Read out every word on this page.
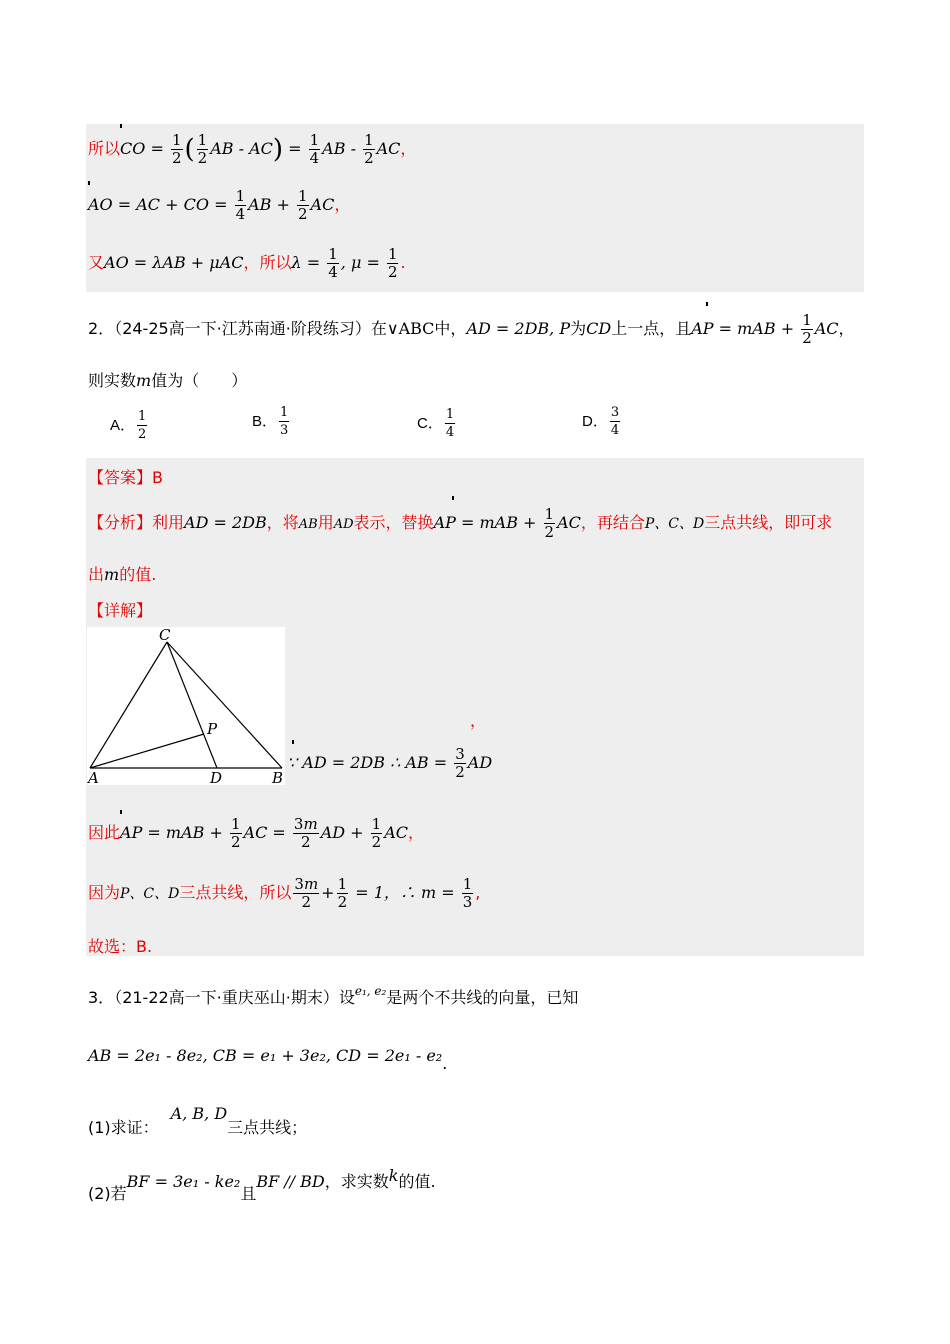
所以CO = $\frac{1}{2}$ ( $\frac{1}{2}$ AB - $AC) = \frac{1}{4}$ AB - $\frac{1}{2}$ AC，
AO = AC + CO = $\frac{1}{4}$ AB + $\frac{1}{2}$ AC，
又AO = λAB + μAC，所以$\lambda = \frac{1}{4}$ , $\mu = \frac{1}{2}$ .
2．（24-25高一下·江苏南通·阶段练习）在∨ABC中，AD = 2DB, P为CD上一点，且AP = mAB + $\frac{1}{2}$ AC，
则实数m值为（　　）
A． $\frac{1}{2}$	B． $\frac{1}{3}$	C． $\frac{1}{4}$	D． $\frac{3}{4}$
【答案】B
【分析】利用AD = 2DB，将AB用AD表示，替换AP = mAB + $\frac{1}{2}$ AC，再结合P、C、D三点共线，即可求
出m的值.
【详解】
C
P
A	D	B
，
∵ AD = 2DB ∴ AB = $\frac{3}{2}$ AD
因此AP = mAB + $\frac{1}{2}$ AC = $\frac{3m}{2}$ AD + $\frac{1}{2}$ AC，
因为P、C、D三点共线，所以 $\frac{3m}{2} + \frac{1}{2} = 1$，∴ $m = \frac{1}{3}$ ,
故选：B.
3．（21-22高一下·重庆巫山·期末）设$^{e_1, e_2}$是两个不共线的向量，已知
AB = 2e₁ - 8e₂, CB = e₁ + 3e₂, CD = 2e₁ - e₂.
(1)求证：A, B, D三点共线；
(2)若BF = 3e₁ - ke₂且BF // BD，求实数k的值.
